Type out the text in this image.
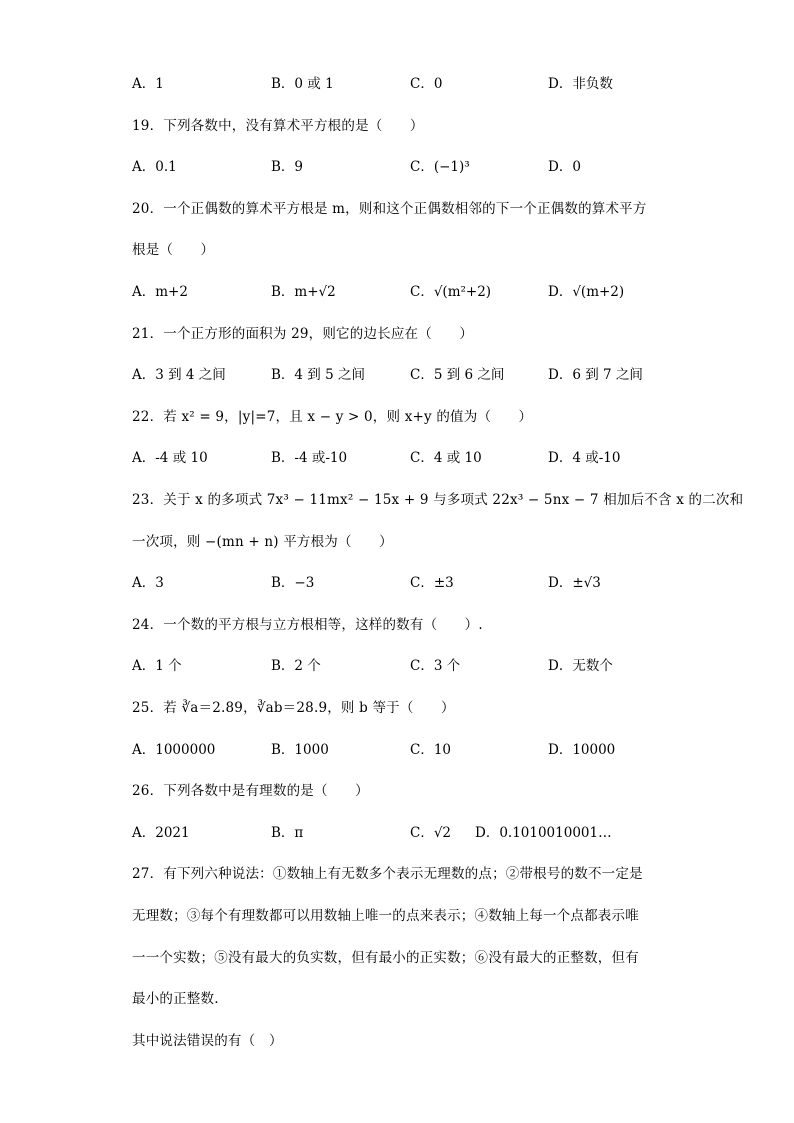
A．1	B．0 或 1	C．0	D．非负数
19．下列各数中，没有算术平方根的是（　　）
A．0.1	B．9	C．(−1)³	D．0
20．一个正偶数的算术平方根是 m，则和这个正偶数相邻的下一个正偶数的算术平方
根是（　　）
A．m+2	B．m+√2	C．√(m²+2)	D．√(m+2)
21．一个正方形的面积为 29，则它的边长应在（　　）
A．3 到 4 之间	B．4 到 5 之间	C．5 到 6 之间	D．6 到 7 之间
22．若 x² = 9，|y|=7，且 x − y > 0，则 x+y 的值为（　　）
A．-4 或 10	B．-4 或-10	C．4 或 10	D．4 或-10
23．关于 x 的多项式 7x³ − 11mx² − 15x + 9 与多项式 22x³ − 5nx − 7 相加后不含 x 的二次和
一次项，则 −(mn + n) 平方根为（　　）
A．3	B．−3	C．±3	D．±√3
24．一个数的平方根与立方根相等，这样的数有（　　）.
A．1 个	B．2 个	C．3 个	D．无数个
25．若 ∛a＝2.89，∛ab＝28.9，则 b 等于（　　）
A．1000000	B．1000	C．10	D．10000
26．下列各数中是有理数的是（　　）
A．2021	B．π	C．√2 D．0.1010010001…
27．有下列六种说法：①数轴上有无数多个表示无理数的点；②带根号的数不一定是
无理数；③每个有理数都可以用数轴上唯一的点来表示；④数轴上每一个点都表示唯
一一个实数；⑤没有最大的负实数，但有最小的正实数；⑥没有最大的正整数，但有
最小的正整数.
其中说法错误的有（　）
